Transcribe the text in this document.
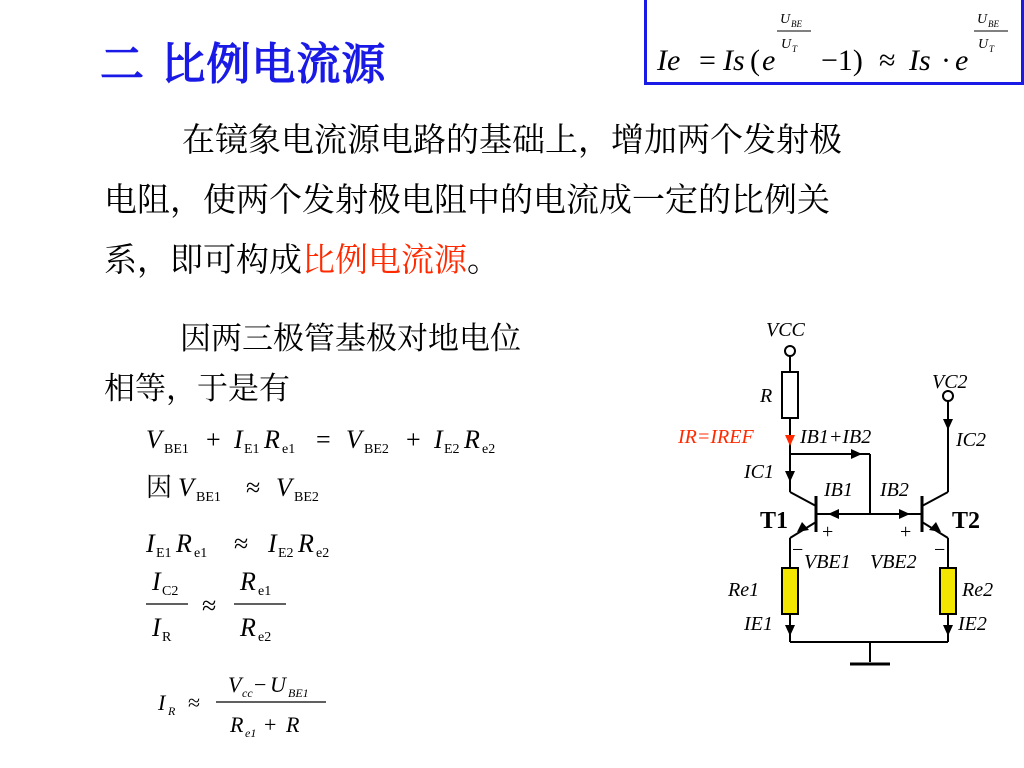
二 比例电流源	Ie = Is ( e
U BE
U T −1) ≈ Is · e
U BE
U T
在镜象电流源电路的基础上，增加两个发射极
电阻，使两个发射极电阻中的电流成一定的比例关
系，即可构成比例电流源。
因两三极管基极对地电位
相等，于是有
V BE1 + I E1 R e1 = V BE2 + I E2 R e2
因 V BE1 ≈ V BE2
I E1 R e1 ≈ I E2 R e2
I C2
I R
≈
R e1
R e2
I R ≈
V cc − U BE1
R e1 + R
VCC
VC2
R
IR=IREF IB1+IB2
IC1
IC2
IB1 IB2
T1	T2
+	+
−	−
VBE1 VBE2
Re1	Re2
IE1	IE2
